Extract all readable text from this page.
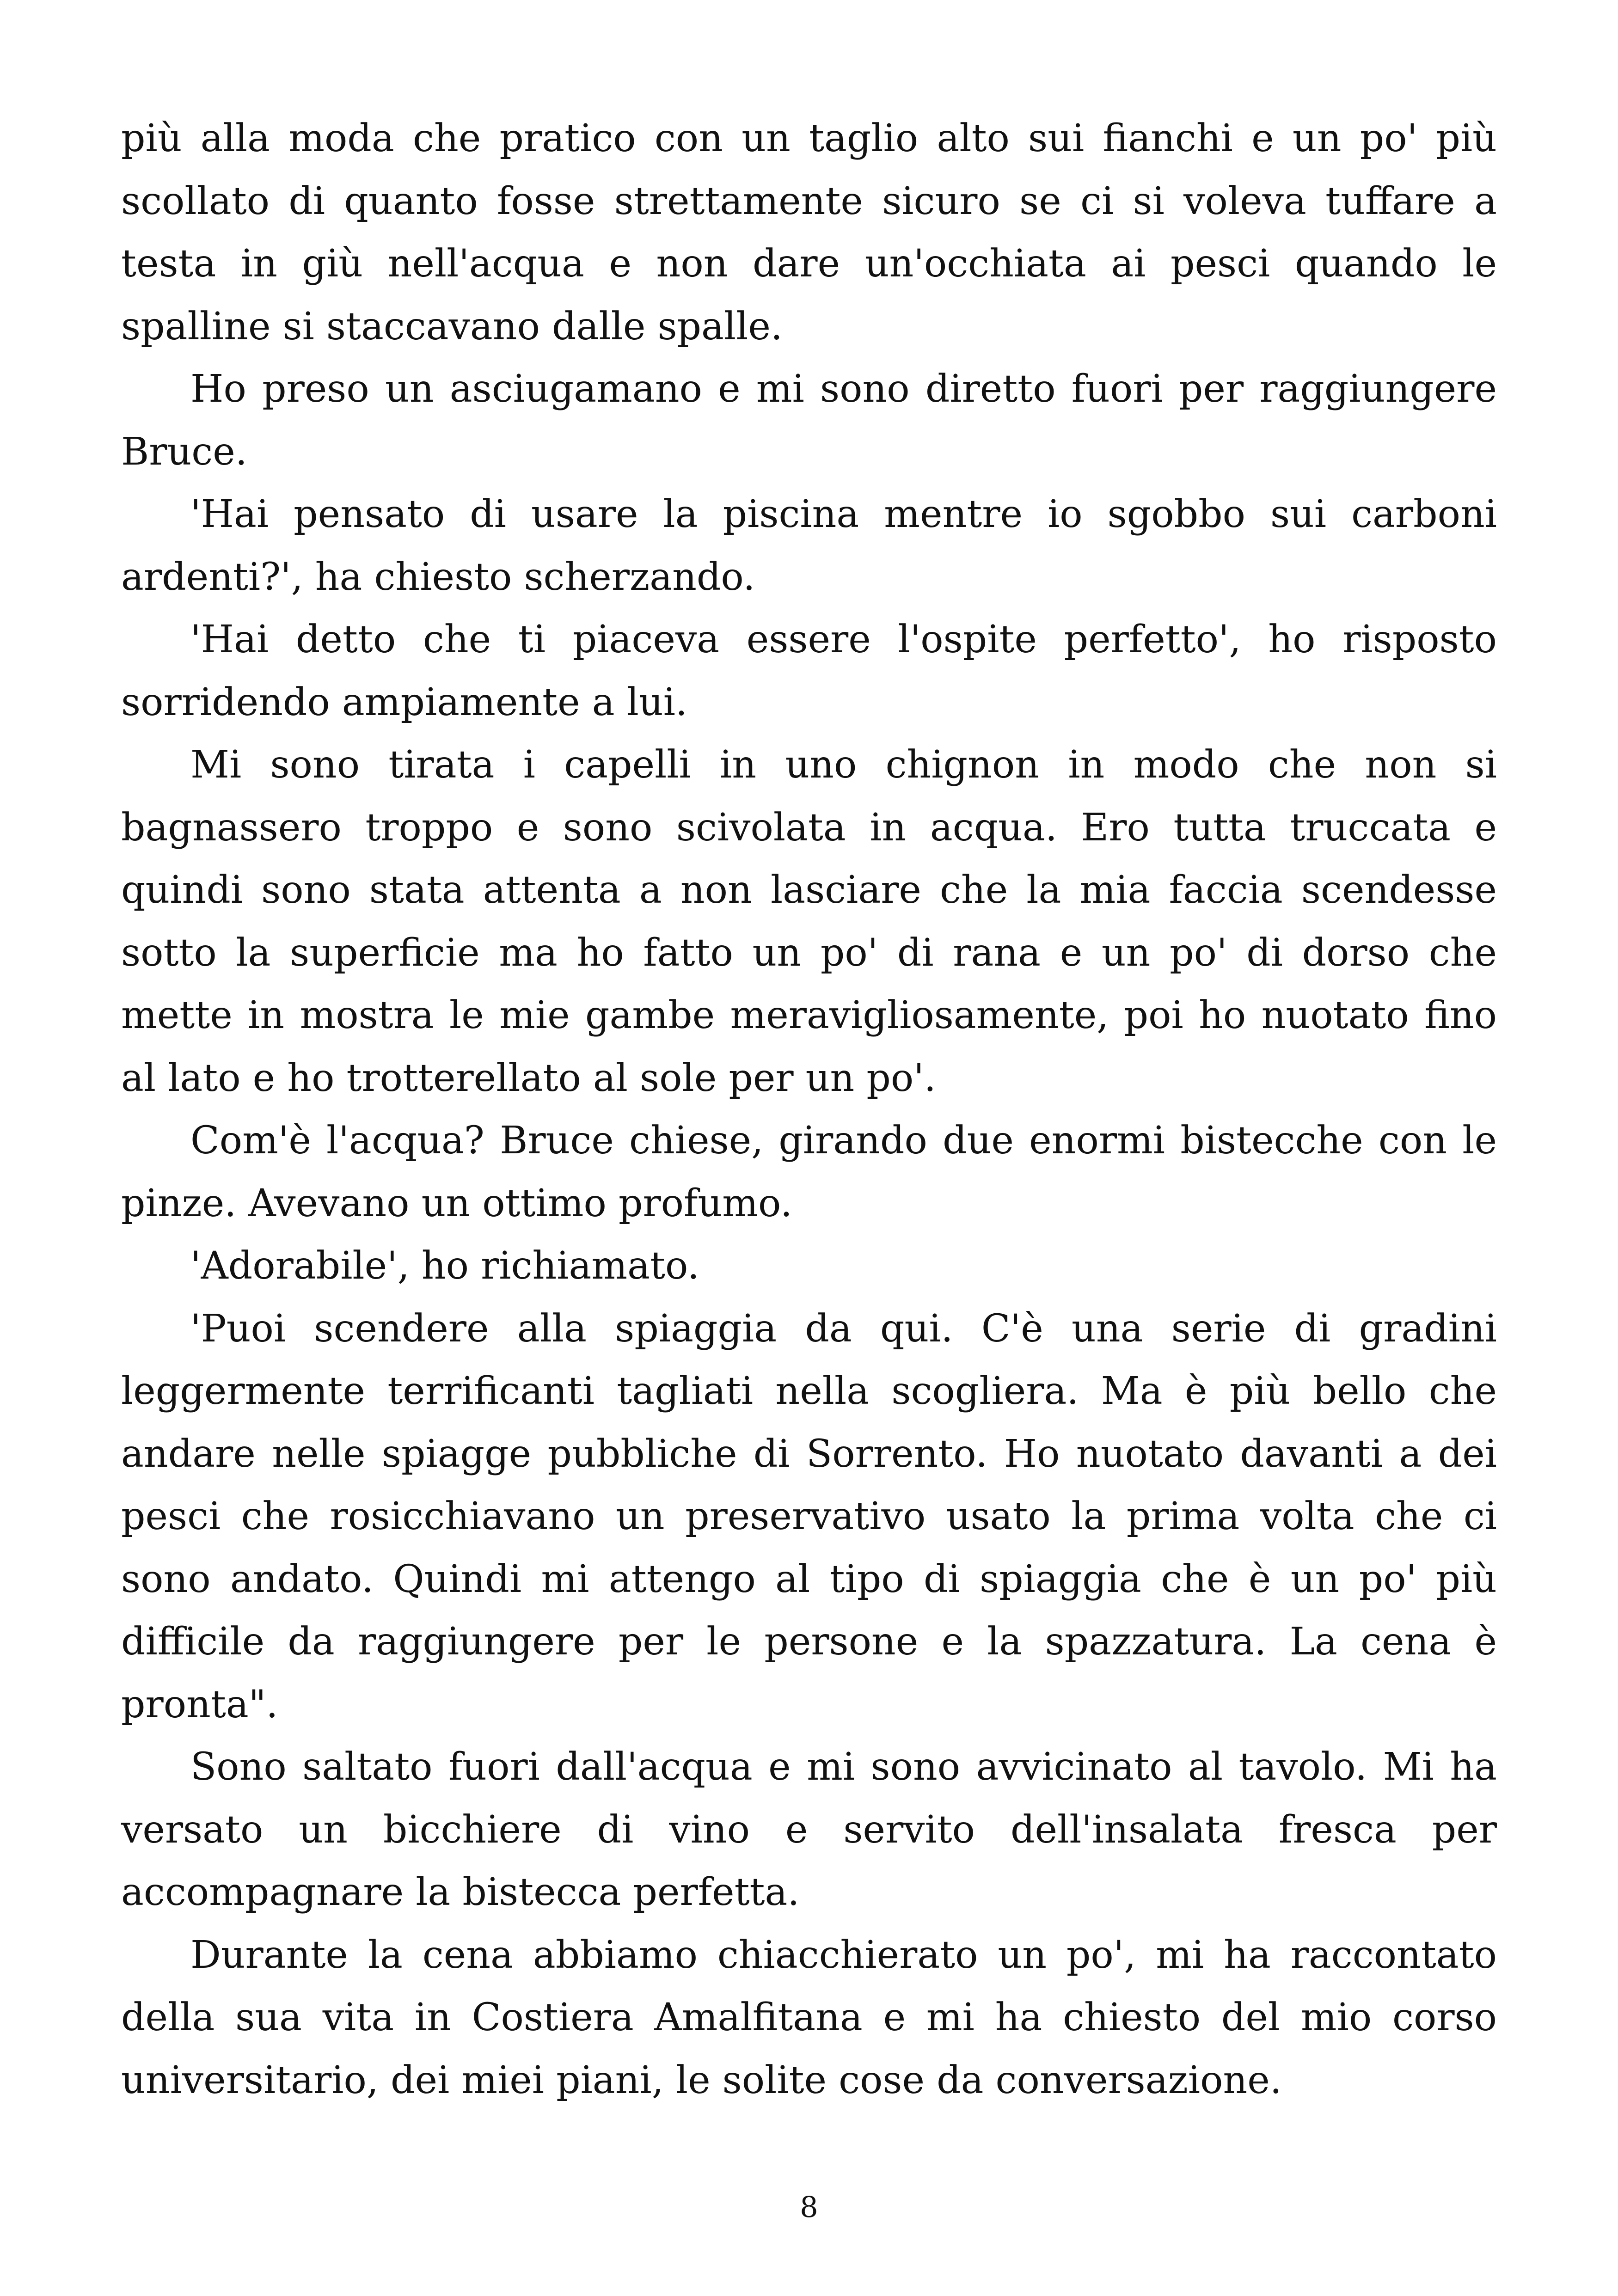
più alla moda che pratico con un taglio alto sui fianchi e un po' più scollato di quanto fosse strettamente sicuro se ci si voleva tuffare a testa in giù nell'acqua e non dare un'occhiata ai pesci quando le spalline si staccavano dalle spalle.

Ho preso un asciugamano e mi sono diretto fuori per raggiungere Bruce.

'Hai pensato di usare la piscina mentre io sgobbo sui carboni ardenti?', ha chiesto scherzando.

'Hai detto che ti piaceva essere l'ospite perfetto', ho risposto sorridendo ampiamente a lui.

Mi sono tirata i capelli in uno chignon in modo che non si bagnassero troppo e sono scivolata in acqua. Ero tutta truccata e quindi sono stata attenta a non lasciare che la mia faccia scendesse sotto la superficie ma ho fatto un po' di rana e un po' di dorso che mette in mostra le mie gambe meravigliosamente, poi ho nuotato fino al lato e ho trotterellato al sole per un po'.

Com'è l'acqua? Bruce chiese, girando due enormi bistecche con le pinze. Avevano un ottimo profumo.

'Adorabile', ho richiamato.

'Puoi scendere alla spiaggia da qui. C'è una serie di gradini leggermente terrificanti tagliati nella scogliera. Ma è più bello che andare nelle spiagge pubbliche di Sorrento. Ho nuotato davanti a dei pesci che rosicchiavano un preservativo usato la prima volta che ci sono andato. Quindi mi attengo al tipo di spiaggia che è un po' più difficile da raggiungere per le persone e la spazzatura. La cena è pronta".

Sono saltato fuori dall'acqua e mi sono avvicinato al tavolo. Mi ha versato un bicchiere di vino e servito dell'insalata fresca per accompagnare la bistecca perfetta.

Durante la cena abbiamo chiacchierato un po', mi ha raccontato della sua vita in Costiera Amalfitana e mi ha chiesto del mio corso universitario, dei miei piani, le solite cose da conversazione.

8
